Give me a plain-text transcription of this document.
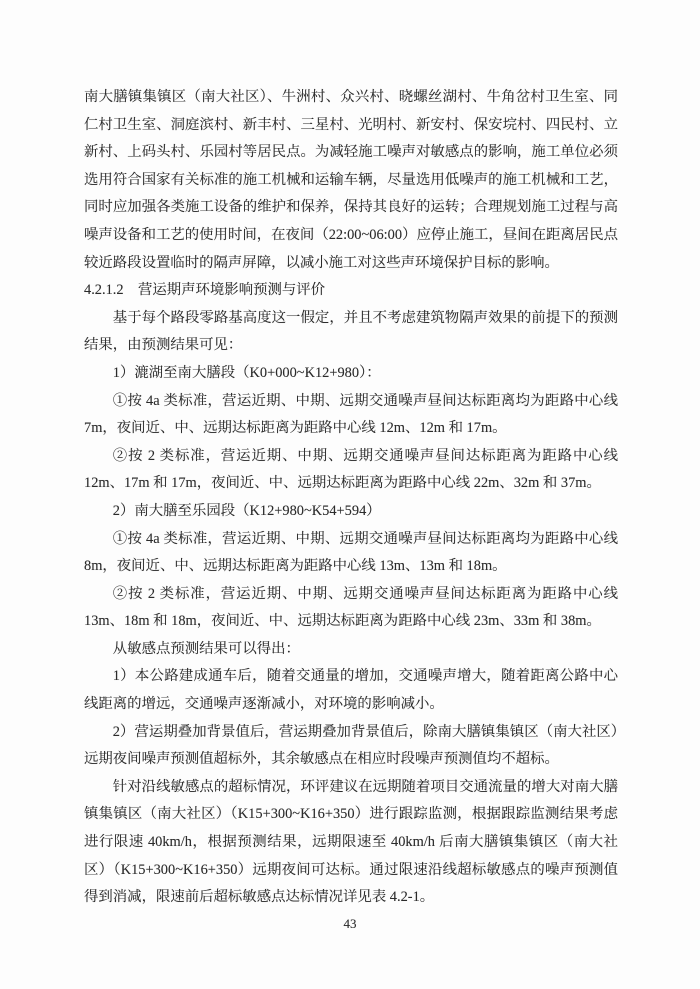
南大膳镇集镇区（南大社区）、牛洲村、众兴村、晓螺丝湖村、牛角岔村卫生室、同仁村卫生室、洞庭滨村、新丰村、三星村、光明村、新安村、保安垸村、四民村、立新村、上码头村、乐园村等居民点。为减轻施工噪声对敏感点的影响，施工单位必须选用符合国家有关标准的施工机械和运输车辆，尽量选用低噪声的施工机械和工艺，同时应加强各类施工设备的维护和保养，保持其良好的运转；合理规划施工过程与高噪声设备和工艺的使用时间，在夜间（22:00~06:00）应停止施工，昼间在距离居民点较近路段设置临时的隔声屏障，以减小施工对这些声环境保护目标的影响。

4.2.1.2　营运期声环境影响预测与评价

基于每个路段零路基高度这一假定，并且不考虑建筑物隔声效果的前提下的预测结果，由预测结果可见：

1）漉湖至南大膳段（K0+000~K12+980）：

①按 4a 类标准，营运近期、中期、远期交通噪声昼间达标距离均为距路中心线 7m，夜间近、中、远期达标距离为距路中心线 12m、12m 和 17m。

②按 2 类标准，营运近期、中期、远期交通噪声昼间达标距离为距路中心线 12m、17m 和 17m，夜间近、中、远期达标距离为距路中心线 22m、32m 和 37m。

2）南大膳至乐园段（K12+980~K54+594）

①按 4a 类标准，营运近期、中期、远期交通噪声昼间达标距离均为距路中心线 8m，夜间近、中、远期达标距离为距路中心线 13m、13m 和 18m。

②按 2 类标准，营运近期、中期、远期交通噪声昼间达标距离为距路中心线 13m、18m 和 18m，夜间近、中、远期达标距离为距路中心线 23m、33m 和 38m。

从敏感点预测结果可以得出：

1）本公路建成通车后，随着交通量的增加，交通噪声增大，随着距离公路中心线距离的增远，交通噪声逐渐减小，对环境的影响减小。

2）营运期叠加背景值后，营运期叠加背景值后，除南大膳镇集镇区（南大社区）远期夜间噪声预测值超标外，其余敏感点在相应时段噪声预测值均不超标。

针对沿线敏感点的超标情况，环评建议在远期随着项目交通流量的增大对南大膳镇集镇区（南大社区）（K15+300~K16+350）进行跟踪监测，根据跟踪监测结果考虑进行限速 40km/h，根据预测结果，远期限速至 40km/h 后南大膳镇集镇区（南大社区）（K15+300~K16+350）远期夜间可达标。通过限速沿线超标敏感点的噪声预测值得到消减，限速前后超标敏感点达标情况详见表 4.2-1。

43
